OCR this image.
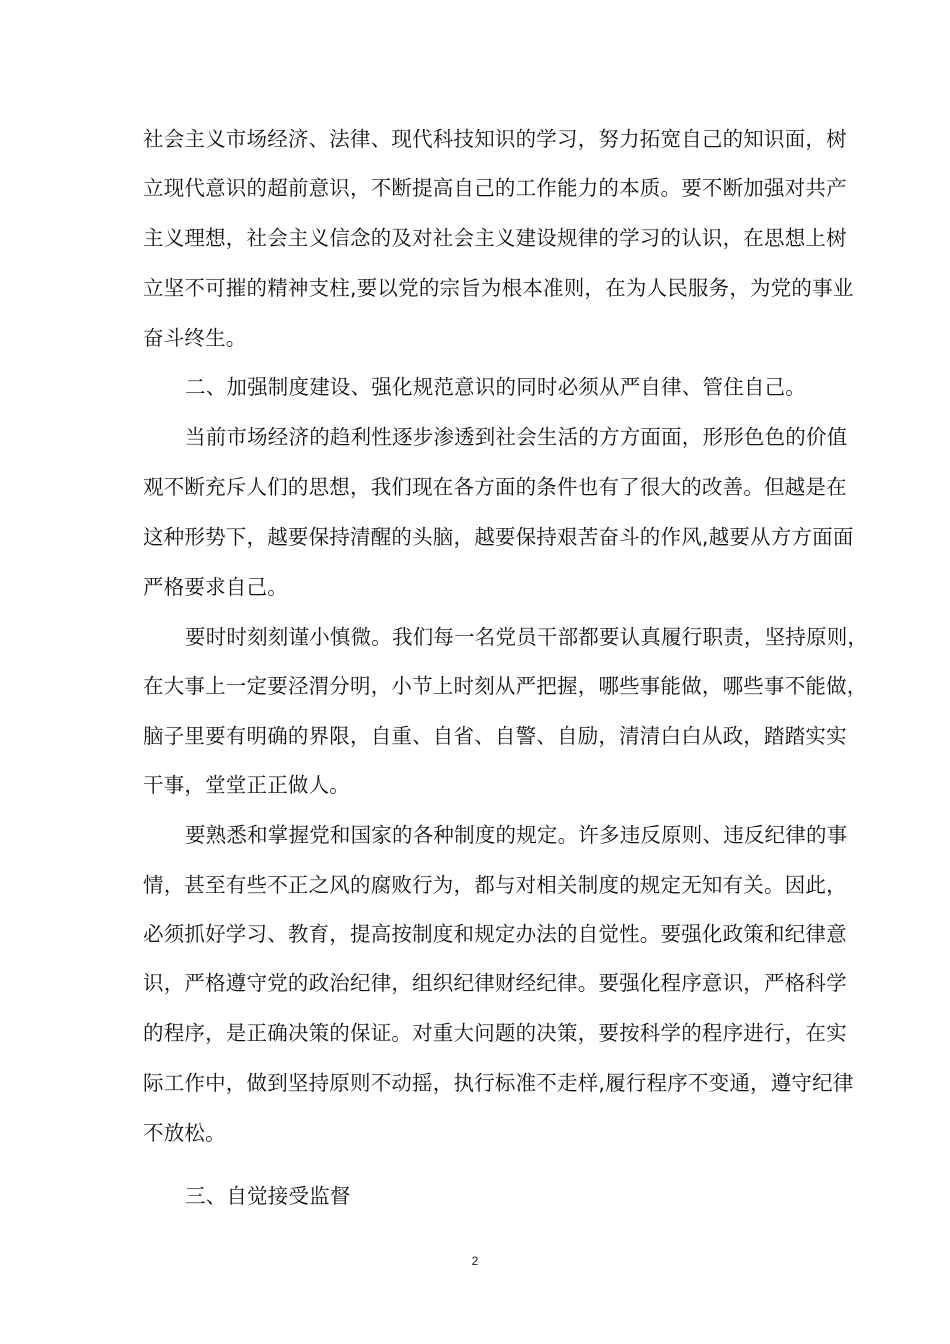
社会主义市场经济、法律、现代科技知识的学习，努力拓宽自己的知识面，树
立现代意识的超前意识，不断提高自己的工作能力的本质。要不断加强对共产
主义理想，社会主义信念的及对社会主义建设规律的学习的认识，在思想上树
立坚不可摧的精神支柱,要以党的宗旨为根本准则，在为人民服务，为党的事业
奋斗终生。
二、加强制度建设、强化规范意识的同时必须从严自律、管住自己。
当前市场经济的趋利性逐步渗透到社会生活的方方面面，形形色色的价值
观不断充斥人们的思想，我们现在各方面的条件也有了很大的改善。但越是在
这种形势下，越要保持清醒的头脑，越要保持艰苦奋斗的作风,越要从方方面面
严格要求自己。
要时时刻刻谨小慎微。我们每一名党员干部都要认真履行职责，坚持原则，
在大事上一定要泾渭分明，小节上时刻从严把握，哪些事能做，哪些事不能做，
脑子里要有明确的界限，自重、自省、自警、自励，清清白白从政，踏踏实实
干事，堂堂正正做人。
要熟悉和掌握党和国家的各种制度的规定。许多违反原则、违反纪律的事
情，甚至有些不正之风的腐败行为，都与对相关制度的规定无知有关。因此，
必须抓好学习、教育，提高按制度和规定办法的自觉性。要强化政策和纪律意
识，严格遵守党的政治纪律，组织纪律财经纪律。要强化程序意识，严格科学
的程序，是正确决策的保证。对重大问题的决策，要按科学的程序进行，在实
际工作中，做到坚持原则不动摇，执行标准不走样,履行程序不变通，遵守纪律
不放松。
三、自觉接受监督
2
